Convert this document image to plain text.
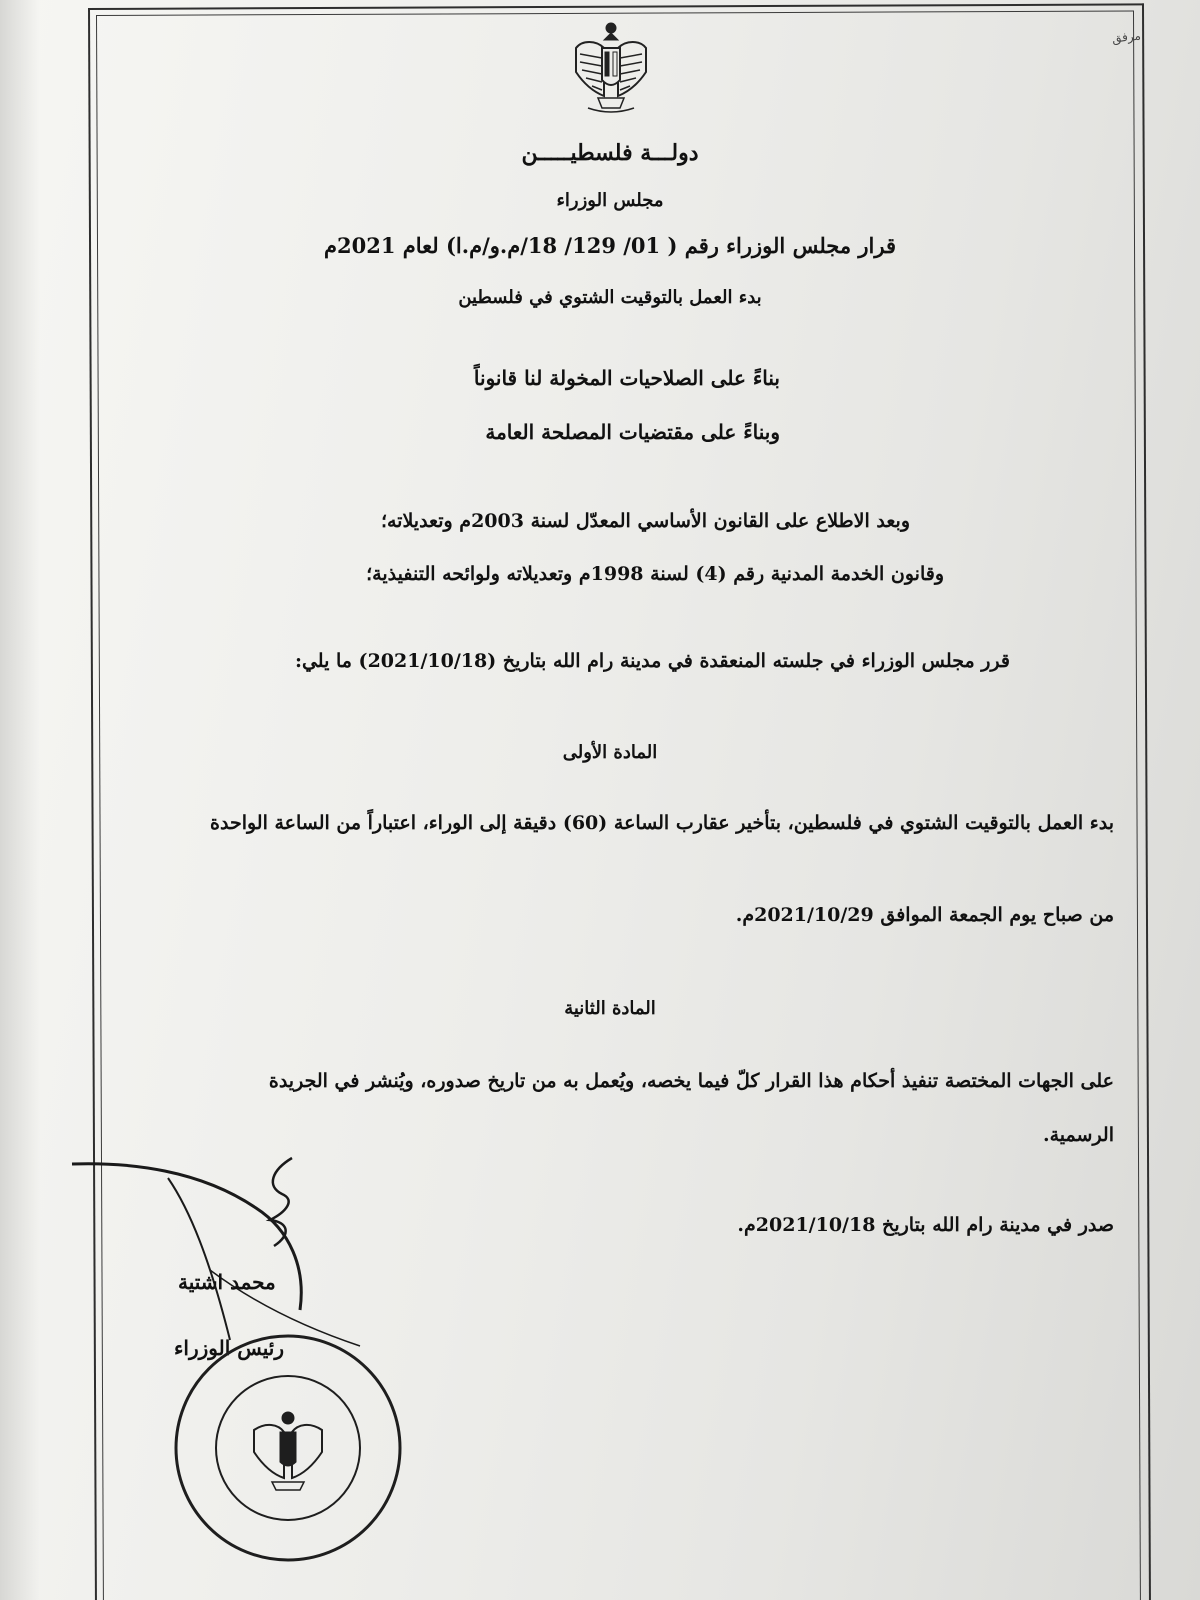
مرفق
دولـــة فلسطيـــــن
مجلس الوزراء
قرار مجلس الوزراء رقم ( 01/ 129/ 18/م.و/م.ا) لعام 2021م
بدء العمل بالتوقيت الشتوي في فلسطين
بناءً على الصلاحيات المخولة لنا قانوناً
وبناءً على مقتضيات المصلحة العامة
وبعد الاطلاع على القانون الأساسي المعدّل لسنة 2003م وتعديلاته؛
وقانون الخدمة المدنية رقم (4) لسنة 1998م وتعديلاته ولوائحه التنفيذية؛
قرر مجلس الوزراء في جلسته المنعقدة في مدينة رام الله بتاريخ (2021/10/18) ما يلي:
المادة الأولى
بدء العمل بالتوقيت الشتوي في فلسطين، بتأخير عقارب الساعة (60) دقيقة إلى الوراء، اعتباراً من الساعة الواحدة
من صباح يوم الجمعة الموافق 2021/10/29م.
المادة الثانية
على الجهات المختصة تنفيذ أحكام هذا القرار كلّ فيما يخصه، ويُعمل به من تاريخ صدوره، ويُنشر في الجريدة
الرسمية.
صدر في مدينة رام الله بتاريخ 2021/10/18م.
محمد اشتية
رئيس الوزراء
